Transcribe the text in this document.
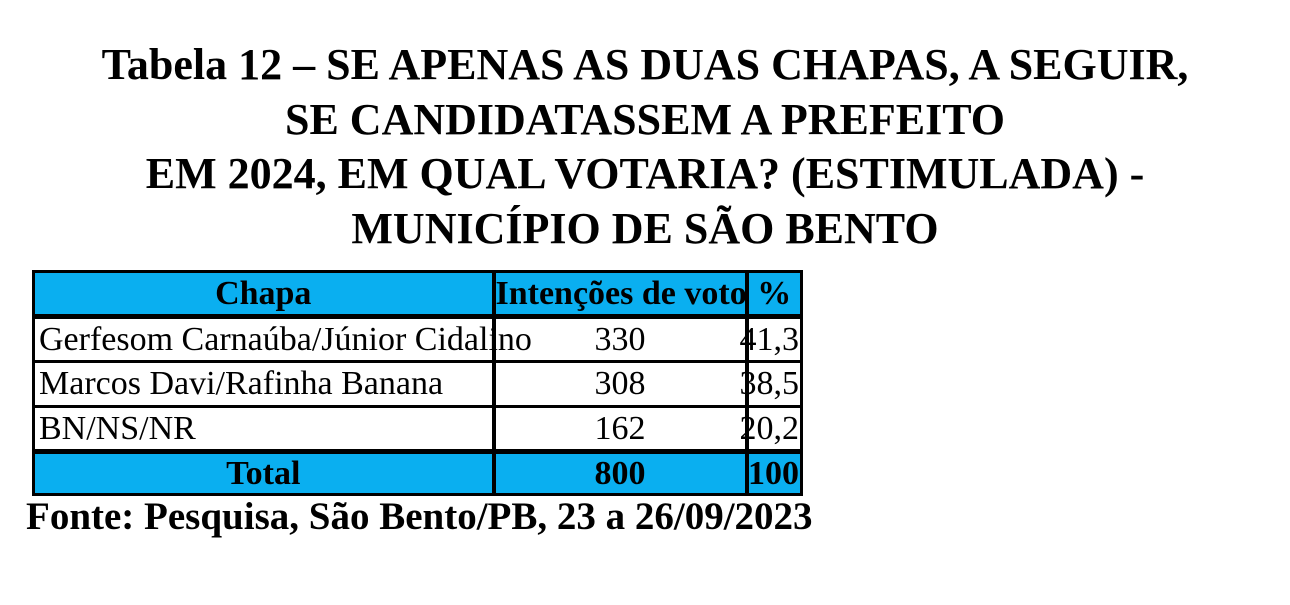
Tabela 12 – SE APENAS AS DUAS CHAPAS, A SEGUIR,
SE CANDIDATASSEM A PREFEITO
EM 2024, EM QUAL VOTARIA? (ESTIMULADA) -
MUNICÍPIO DE SÃO BENTO
Chapa	Intenções de voto	%
Gerfesom Carnaúba/Júnior Cidalino	330	41,3

Marcos Davi/Rafinha Banana	308	38,5

BN/NS/NR	162	20,2

Total	800	100
Fonte: Pesquisa, São Bento/PB, 23 a 26/09/2023
